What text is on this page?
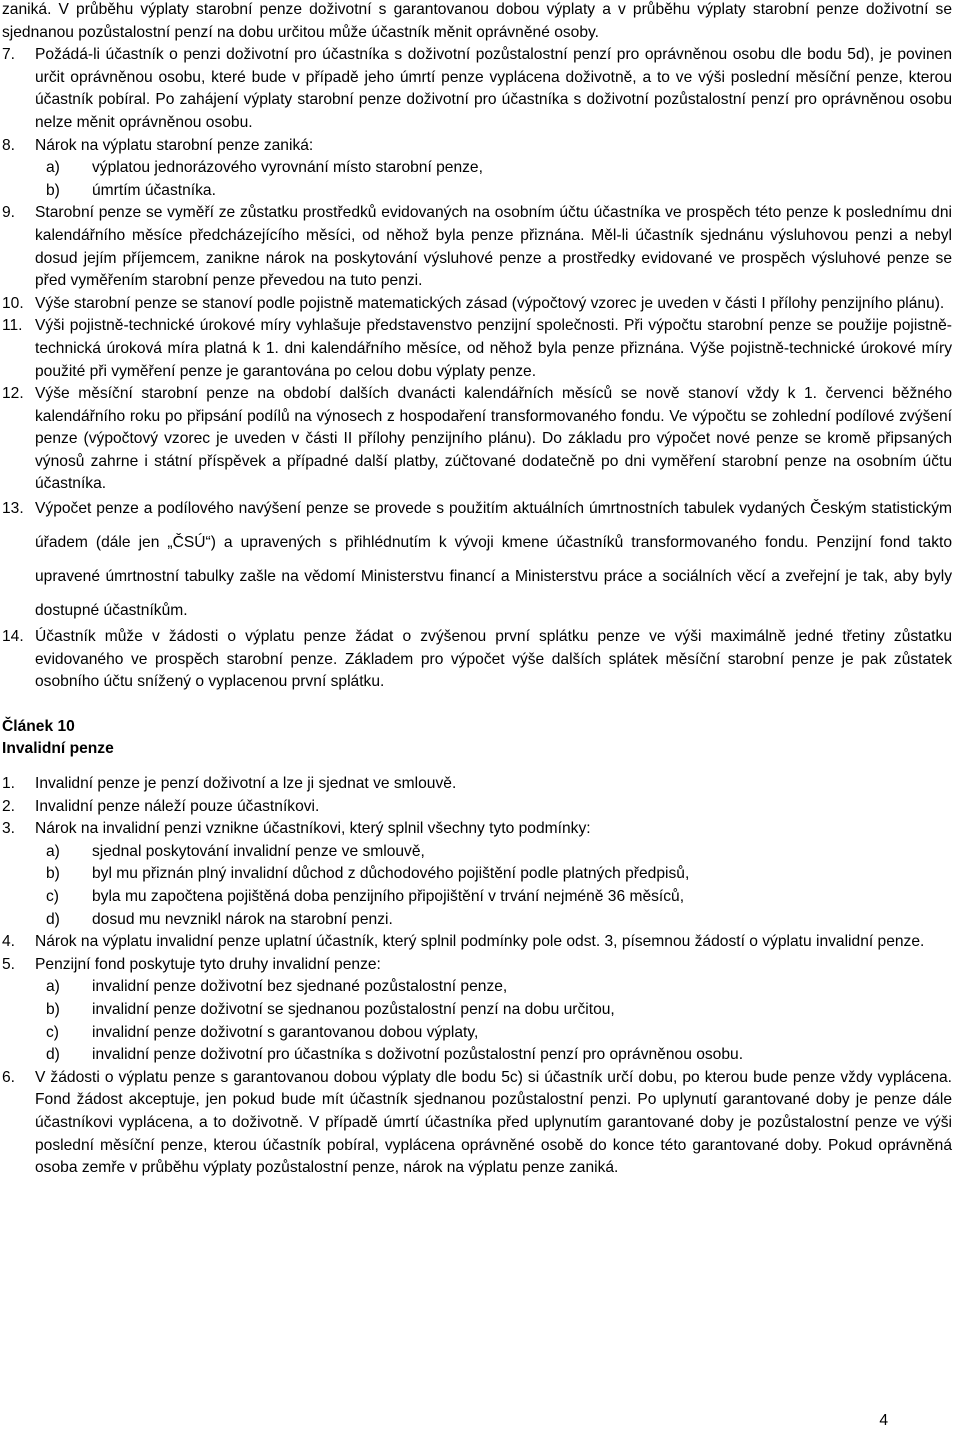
zaniká. V průběhu výplaty starobní penze doživotní s garantovanou dobou výplaty a v průběhu výplaty starobní penze doživotní se sjednanou pozůstalostní penzí na dobu určitou může účastník měnit oprávněné osoby.
7. Požádá-li účastník o penzi doživotní pro účastníka s doživotní pozůstalostní penzí pro oprávněnou osobu dle bodu 5d), je povinen určit oprávněnou osobu, které bude v případě jeho úmrtí penze vyplácena doživotně, a to ve výši poslední měsíční penze, kterou účastník pobíral. Po zahájení výplaty starobní penze doživotní pro účastníka s doživotní pozůstalostní penzí pro oprávněnou osobu nelze měnit oprávněnou osobu.
8. Nárok na výplatu starobní penze zaniká:
a) výplatou jednorázového vyrovnání místo starobní penze,
b) úmrtím účastníka.
9. Starobní penze se vyměří ze zůstatku prostředků evidovaných na osobním účtu účastníka ve prospěch této penze k poslednímu dni kalendářního měsíce předcházejícího měsíci, od něhož byla penze přiznána. Měl-li účastník sjednánu výsluhovou penzi a nebyl dosud jejím příjemcem, zanikne nárok na poskytování výsluhové penze a prostředky evidované ve prospěch výsluhové penze se před vyměřením starobní penze převedou na tuto penzi.
10. Výše starobní penze se stanoví podle pojistně matematických zásad (výpočtový vzorec je uveden v části I přílohy penzijního plánu).
11. Výši pojistně-technické úrokové míry vyhlašuje představenstvo penzijní společnosti. Při výpočtu starobní penze se použije pojistně-technická úroková míra platná k 1. dni kalendářního měsíce, od něhož byla penze přiznána. Výše pojistně-technické úrokové míry použité při vyměření penze je garantována po celou dobu výplaty penze.
12. Výše měsíční starobní penze na období dalších dvanácti kalendářních měsíců se nově stanoví vždy k 1. červenci běžného kalendářního roku po připsání podílů na výnosech z hospodaření transformovaného fondu. Ve výpočtu se zohlední podílové zvýšení penze (výpočtový vzorec je uveden v části II přílohy penzijního plánu). Do základu pro výpočet nové penze se kromě připsaných výnosů zahrne i státní příspěvek a případné další platby, zúčtované dodatečně po dni vyměření starobní penze na osobním účtu účastníka.
13. Výpočet penze a podílového navýšení penze se provede s použitím aktuálních úmrtnostních tabulek vydaných Českým statistickým úřadem (dále jen „ČSÚ“) a upravených s přihlédnutím k vývoji kmene účastníků transformovaného fondu. Penzijní fond takto upravené úmrtnostní tabulky zašle na vědomí Ministerstvu financí a Ministerstvu práce a sociálních věcí a zveřejní je tak, aby byly dostupné účastníkům.
14. Účastník může v žádosti o výplatu penze žádat o zvýšenou první splátku penze ve výši maximálně jedné třetiny zůstatku evidovaného ve prospěch starobní penze. Základem pro výpočet výše dalších splátek měsíční starobní penze je pak zůstatek osobního účtu snížený o vyplacenou první splátku.
Článek 10
Invalidní penze
1. Invalidní penze je penzí doživotní a lze ji sjednat ve smlouvě.
2. Invalidní penze náleží pouze účastníkovi.
3. Nárok na invalidní penzi vznikne účastníkovi, který splnil všechny tyto podmínky:
a) sjednal poskytování invalidní penze ve smlouvě,
b) byl mu přiznán plný invalidní důchod z důchodového pojištění podle platných předpisů,
c) byla mu započtena pojištěná doba penzijního připojištění v trvání nejméně 36 měsíců,
d) dosud mu nevznikl nárok na starobní penzi.
4. Nárok na výplatu invalidní penze uplatní účastník, který splnil podmínky pole odst. 3, písemnou žádostí o výplatu invalidní penze.
5. Penzijní fond poskytuje tyto druhy invalidní penze:
a) invalidní penze doživotní bez sjednané pozůstalostní penze,
b) invalidní penze doživotní se sjednanou pozůstalostní penzí na dobu určitou,
c) invalidní penze doživotní s garantovanou dobou výplaty,
d) invalidní penze doživotní pro účastníka s doživotní pozůstalostní penzí pro oprávněnou osobu.
6. V žádosti o výplatu penze s garantovanou dobou výplaty dle bodu 5c) si účastník určí dobu, po kterou bude penze vždy vyplácena. Fond žádost akceptuje, jen pokud bude mít účastník sjednanou pozůstalostní penzi. Po uplynutí garantované doby je penze dále účastníkovi vyplácena, a to doživotně. V případě úmrtí účastníka před uplynutím garantované doby je pozůstalostní penze ve výši poslední měsíční penze, kterou účastník pobíral, vyplácena oprávněné osobě do konce této garantované doby. Pokud oprávněná osoba zemře v průběhu výplaty pozůstalostní penze, nárok na výplatu penze zaniká.
4
